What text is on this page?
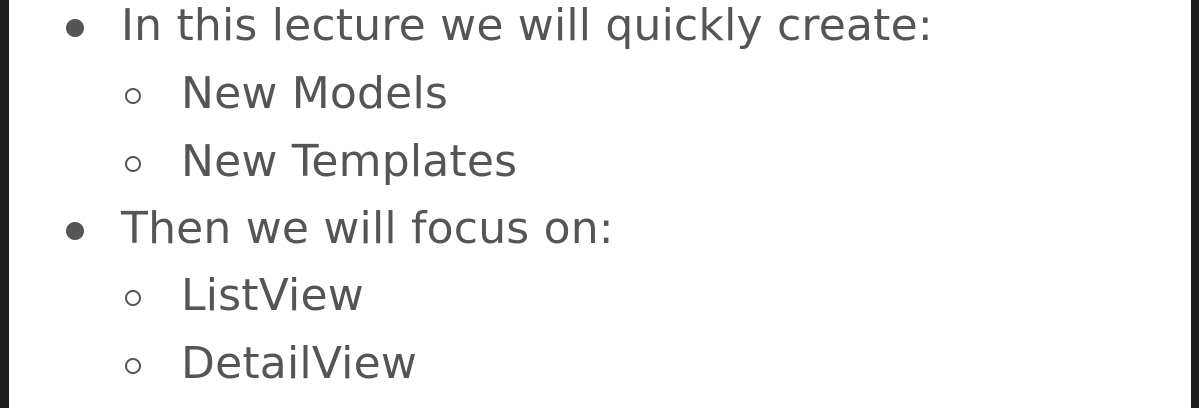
In this lecture we will quickly create:
New Models
New Templates
Then we will focus on:
ListView
DetailView
